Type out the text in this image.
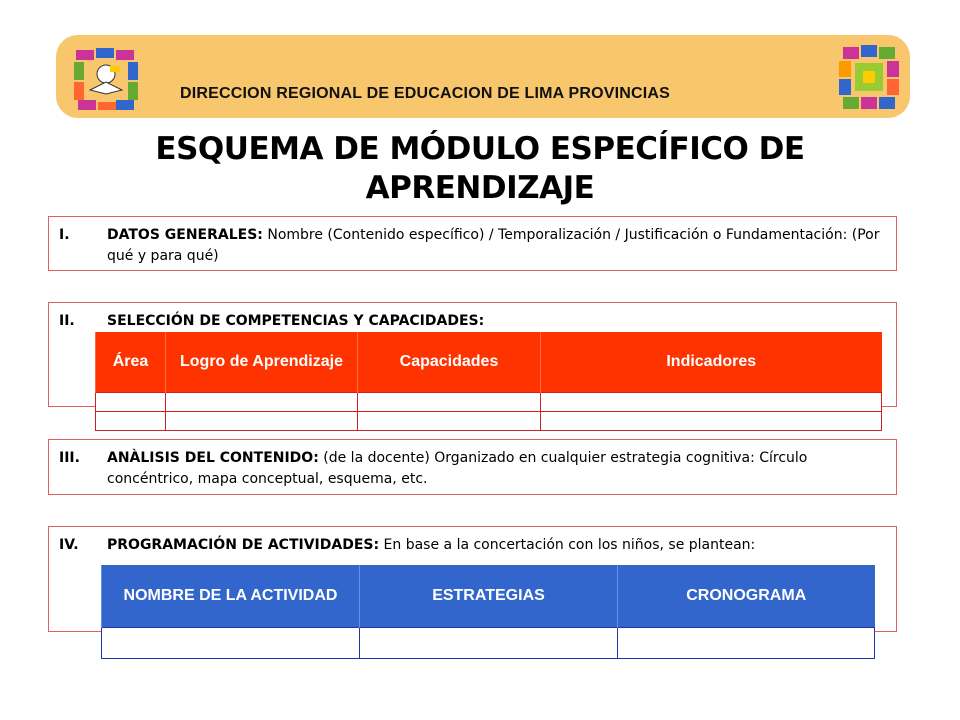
DIRECCION REGIONAL DE EDUCACION DE LIMA PROVINCIAS
ESQUEMA DE MÓDULO ESPECÍFICO DE APRENDIZAJE
I.	DATOS GENERALES: Nombre (Contenido específico) / Temporalización / Justificación o Fundamentación: (Por qué y para qué)
II. SELECCIÓN DE COMPETENCIAS Y CAPACIDADES:
Área	Logro de Aprendizaje	Capacidades	Indicadores

III. ANÀLISIS DEL CONTENIDO: (de la docente) Organizado en cualquier estrategia cognitiva: Círculo concéntrico, mapa conceptual, esquema, etc.
IV. PROGRAMACIÓN DE ACTIVIDADES: En base a la concertación con los niños, se plantean:
NOMBRE DE LA ACTIVIDAD	ESTRATEGIAS	CRONOGRAMA
